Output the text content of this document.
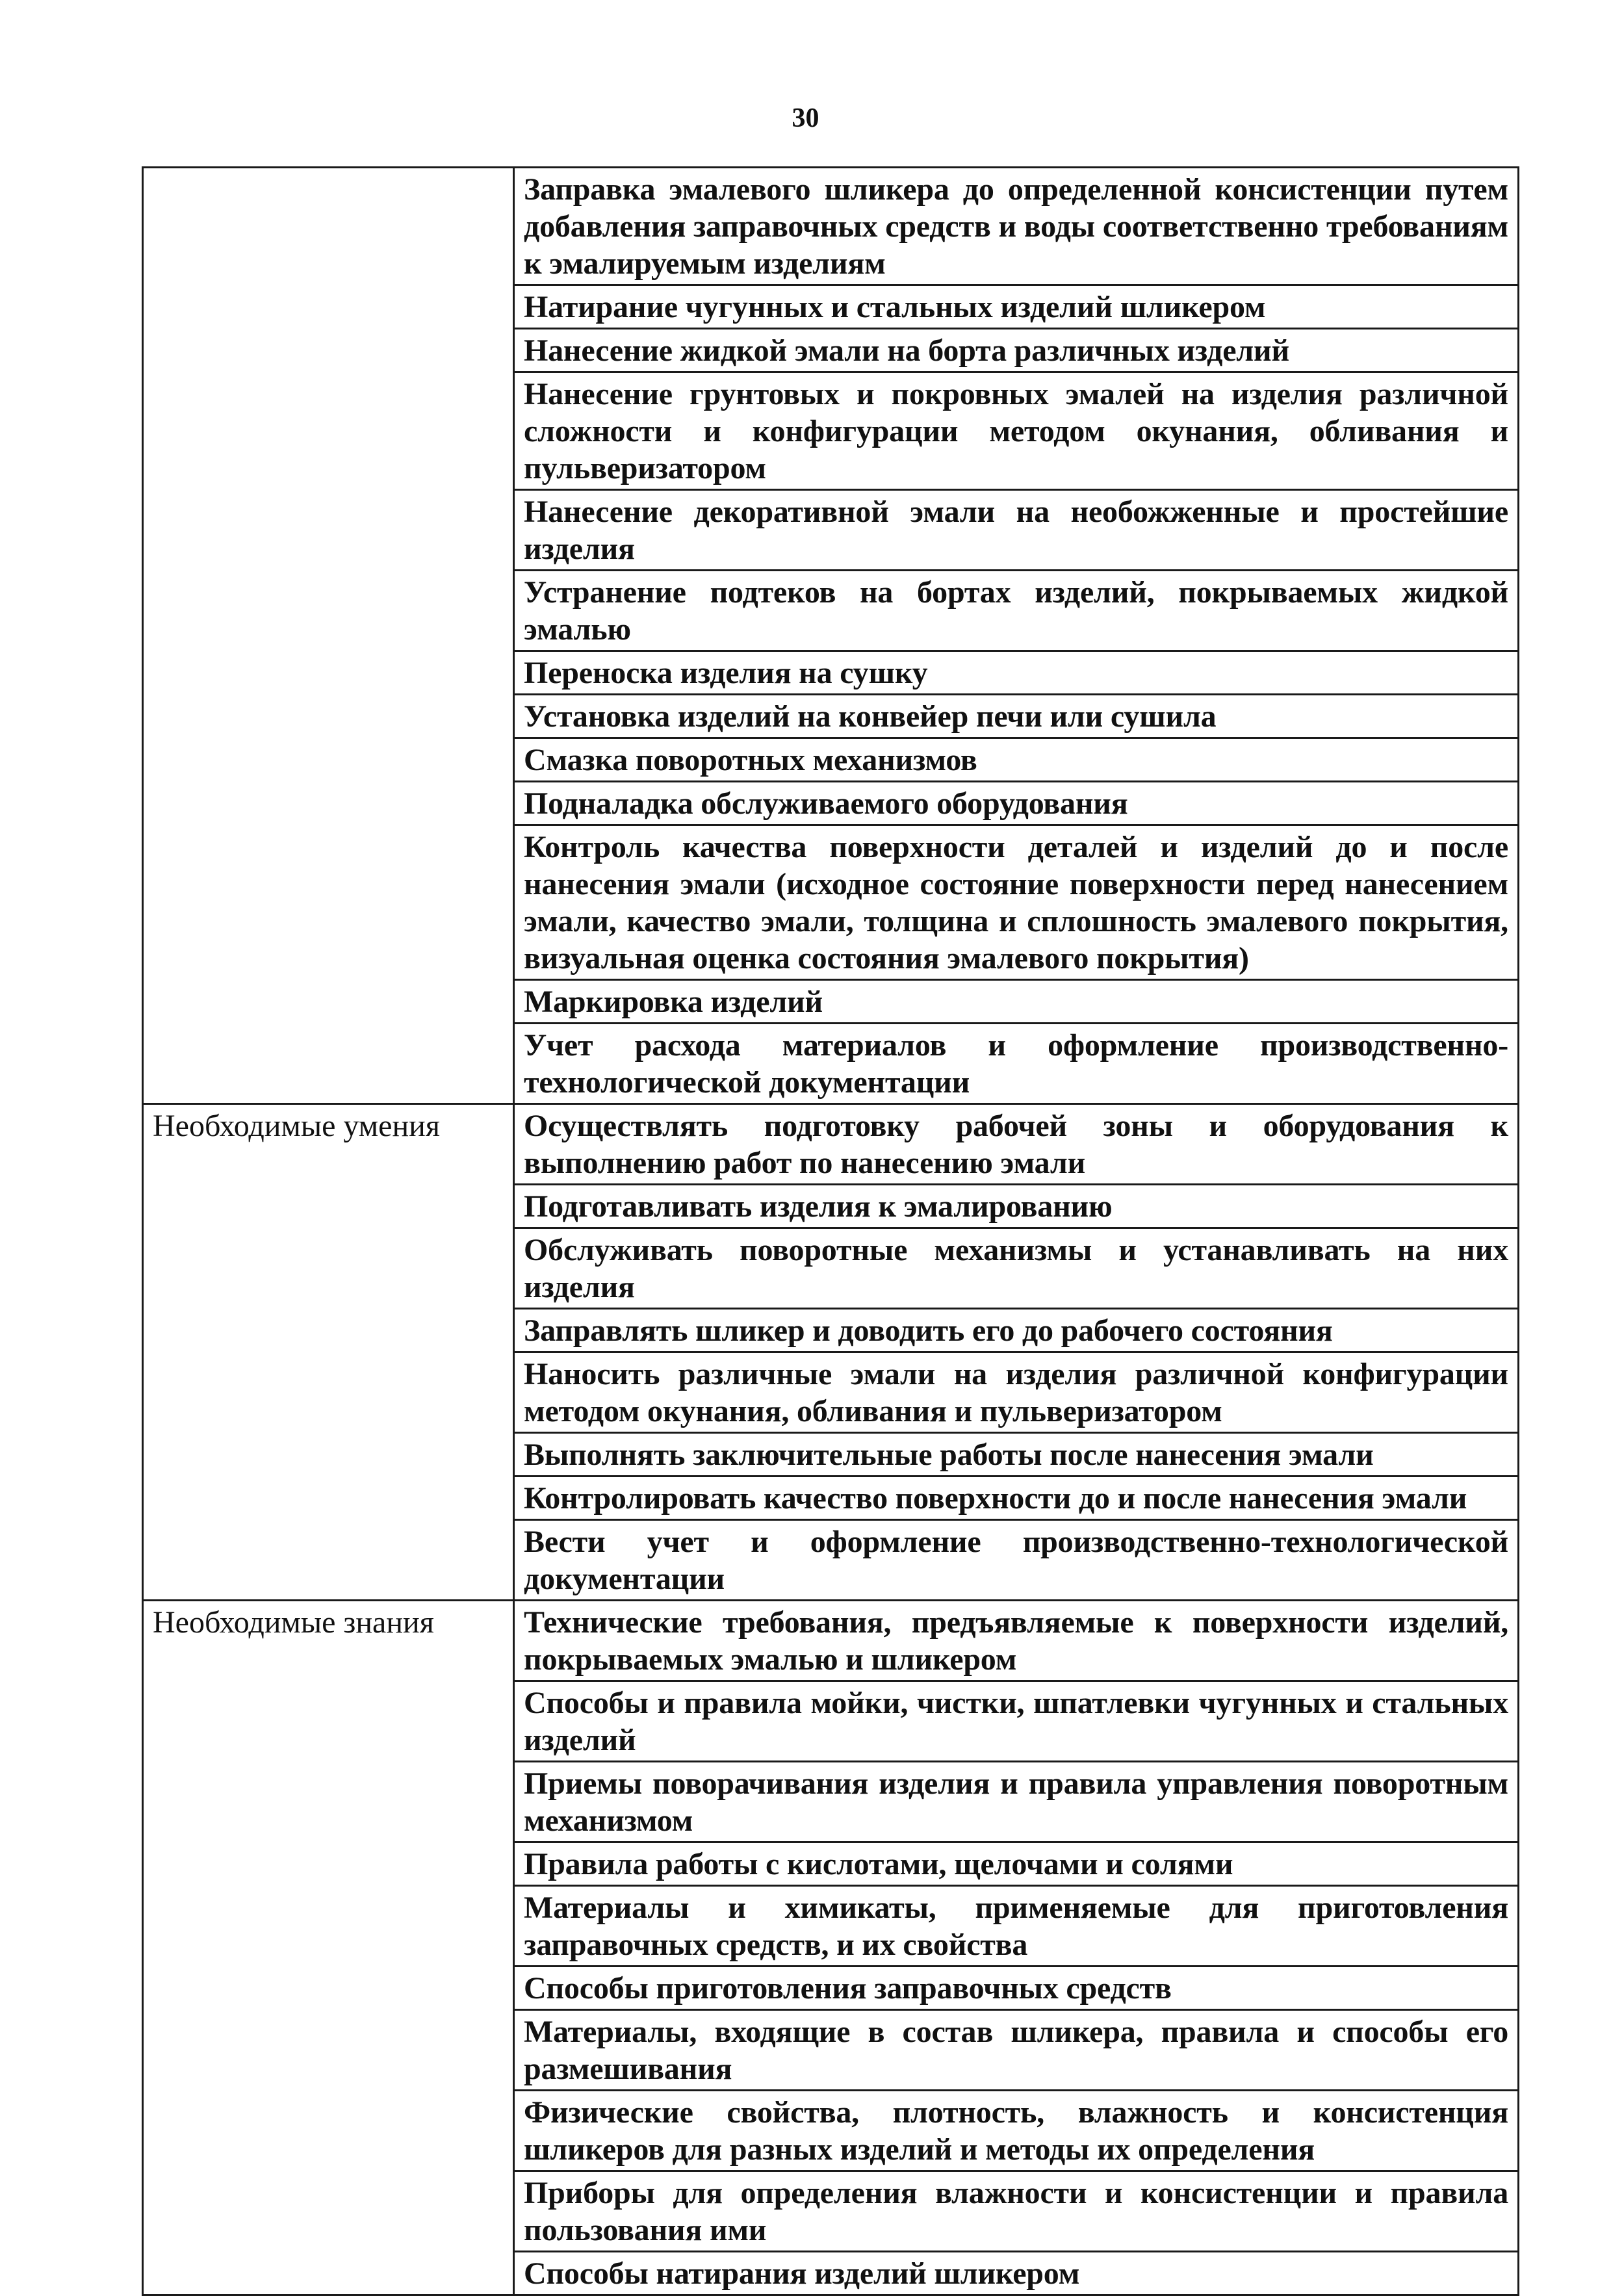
30
	Заправка эмалевого шликера до определенной консистенции путем добавления заправочных средств и воды соответственно требованиям к эмалируемым изделиям
	Натирание чугунных и стальных изделий шликером
	Нанесение жидкой эмали на борта различных изделий
	Нанесение грунтовых и покровных эмалей на изделия различной сложности и конфигурации методом окунания, обливания и пульверизатором
	Нанесение декоративной эмали на необожженные и простейшие изделия
	Устранение подтеков на бортах изделий, покрываемых жидкой эмалью
	Переноска изделия на сушку
	Установка изделий на конвейер печи или сушила
	Смазка поворотных механизмов
	Подналадка обслуживаемого оборудования
	Контроль качества поверхности деталей и изделий до и после нанесения эмали (исходное состояние поверхности перед нанесением эмали, качество эмали, толщина и сплошность эмалевого покрытия, визуальная оценка состояния эмалевого покрытия)
	Маркировка изделий
	Учет расхода материалов и оформление производственно-технологической документации
Необходимые умения	Осуществлять подготовку рабочей зоны и оборудования к выполнению работ по нанесению эмали
	Подготавливать изделия к эмалированию
	Обслуживать поворотные механизмы и устанавливать на них изделия
	Заправлять шликер и доводить его до рабочего состояния
	Наносить различные эмали на изделия различной конфигурации методом окунания, обливания и пульверизатором
	Выполнять заключительные работы после нанесения эмали
	Контролировать качество поверхности до и после нанесения эмали
	Вести учет и оформление производственно-технологической документации
Необходимые знания	Технические требования, предъявляемые к поверхности изделий, покрываемых эмалью и шликером
	Способы и правила мойки, чистки, шпатлевки чугунных и стальных изделий
	Приемы поворачивания изделия и правила управления поворотным механизмом
	Правила работы с кислотами, щелочами и солями
	Материалы и химикаты, применяемые для приготовления заправочных средств, и их свойства
	Способы приготовления заправочных средств
	Материалы, входящие в состав шликера, правила и способы его размешивания
	Физические свойства, плотность, влажность и консистенция шликеров для разных изделий и методы их определения
	Приборы для определения влажности и консистенции и правила пользования ими
	Способы натирания изделий шликером
